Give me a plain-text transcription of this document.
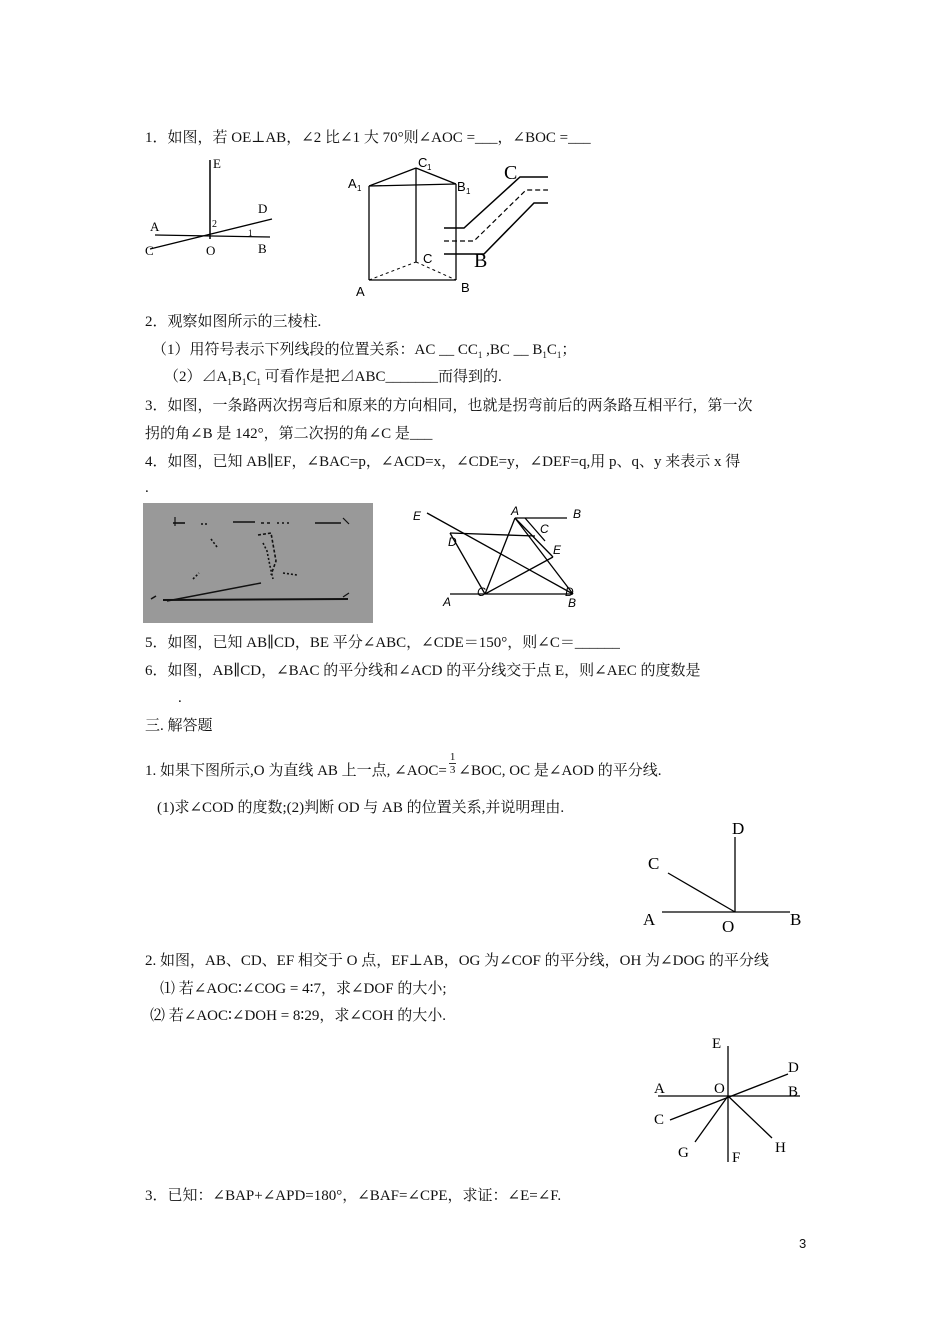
1．如图，若 OE⊥AB，∠2 比∠1 大 70°则∠AOC =___，∠BOC =___
E
D
A	2
1
C	O	B
C 1
A 1	B 1
C
A	B
C
B
2．观察如图所示的三棱柱.
（1）用符号表示下列线段的位置关系：AC __ $CC_1$ ,BC __ $B_1C_1$；
$(2)⊿A_1B_1C_1$ 可看作是把⊿ABC_______而得到的.
3．如图，一条路两次拐弯后和原来的方向相同，也就是拐弯前后的两条路互相平行，第一次
拐的角∠B 是 142°，第二次拐的角∠C 是___
4．如图，已知 AB∥EF，∠BAC=p，∠ACD=x，∠CDE=y，∠DEF=q,用 p、q、y 来表示 x 得
.
E	A	B
C
D
E
A
C	D
B
5．如图，已知 AB∥CD，BE 平分∠ABC，∠CDE＝150°，则∠C＝______
6．如图，AB∥CD，∠BAC 的平分线和∠ACD 的平分线交于点 E，则∠AEC 的度数是
.
三. 解答题
1. 如果下图所示,O 为直线 AB 上一点, ∠AOC= $\frac{1}{3}$ ∠BOC, OC 是∠AOD 的平分线.
(1)求∠COD 的度数;(2)判断 OD 与 AB 的位置关系,并说明理由.
D
C
A	O	B
2. 如图，AB、CD、EF 相交于 O 点，EF⊥AB，OG 为∠COF 的平分线，OH 为∠DOG 的平分线
⑴ 若∠AOC∶∠COG = 4∶7，求∠DOF 的大小;
⑵ 若∠AOC∶∠DOH = 8∶29，求∠COH 的大小.
E
D
A	O	B
C
G	H
F
3．已知：∠BAP+∠APD=180°，∠BAF=∠CPE，求证：∠E=∠F.
3
